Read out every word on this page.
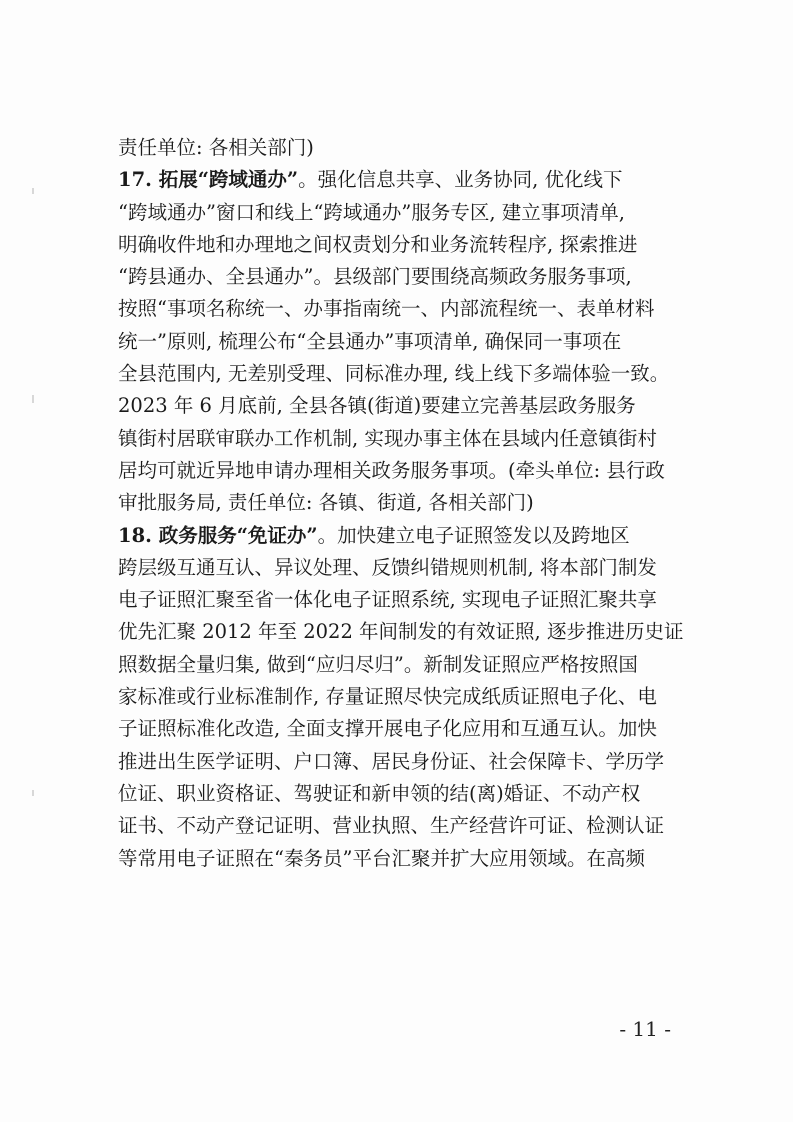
责任单位: 各相关部门)
17. 拓展“跨域通办”。强化信息共享、业务协同, 优化线下
“跨域通办”窗口和线上“跨域通办”服务专区, 建立事项清单,
明确收件地和办理地之间权责划分和业务流转程序, 探索推进
“跨县通办、全县通办”。县级部门要围绕高频政务服务事项,
按照“事项名称统一、办事指南统一、内部流程统一、表单材料
统一”原则, 梳理公布“全县通办”事项清单, 确保同一事项在
全县范围内, 无差别受理、同标准办理, 线上线下多端体验一致。
2023 年 6 月底前, 全县各镇(街道)要建立完善基层政务服务
镇街村居联审联办工作机制, 实现办事主体在县域内任意镇街村
居均可就近异地申请办理相关政务服务事项。(牵头单位: 县行政
审批服务局, 责任单位: 各镇、街道, 各相关部门)
18. 政务服务“免证办”。加快建立电子证照签发以及跨地区
跨层级互通互认、异议处理、反馈纠错规则机制, 将本部门制发
电子证照汇聚至省一体化电子证照系统, 实现电子证照汇聚共享
优先汇聚 2012 年至 2022 年间制发的有效证照, 逐步推进历史证
照数据全量归集, 做到“应归尽归”。新制发证照应严格按照国
家标准或行业标准制作, 存量证照尽快完成纸质证照电子化、电
子证照标准化改造, 全面支撑开展电子化应用和互通互认。加快
推进出生医学证明、户口簿、居民身份证、社会保障卡、学历学
位证、职业资格证、驾驶证和新申领的结(离)婚证、不动产权
证书、不动产登记证明、营业执照、生产经营许可证、检测认证
等常用电子证照在“秦务员”平台汇聚并扩大应用领域。在高频
- 11 -
